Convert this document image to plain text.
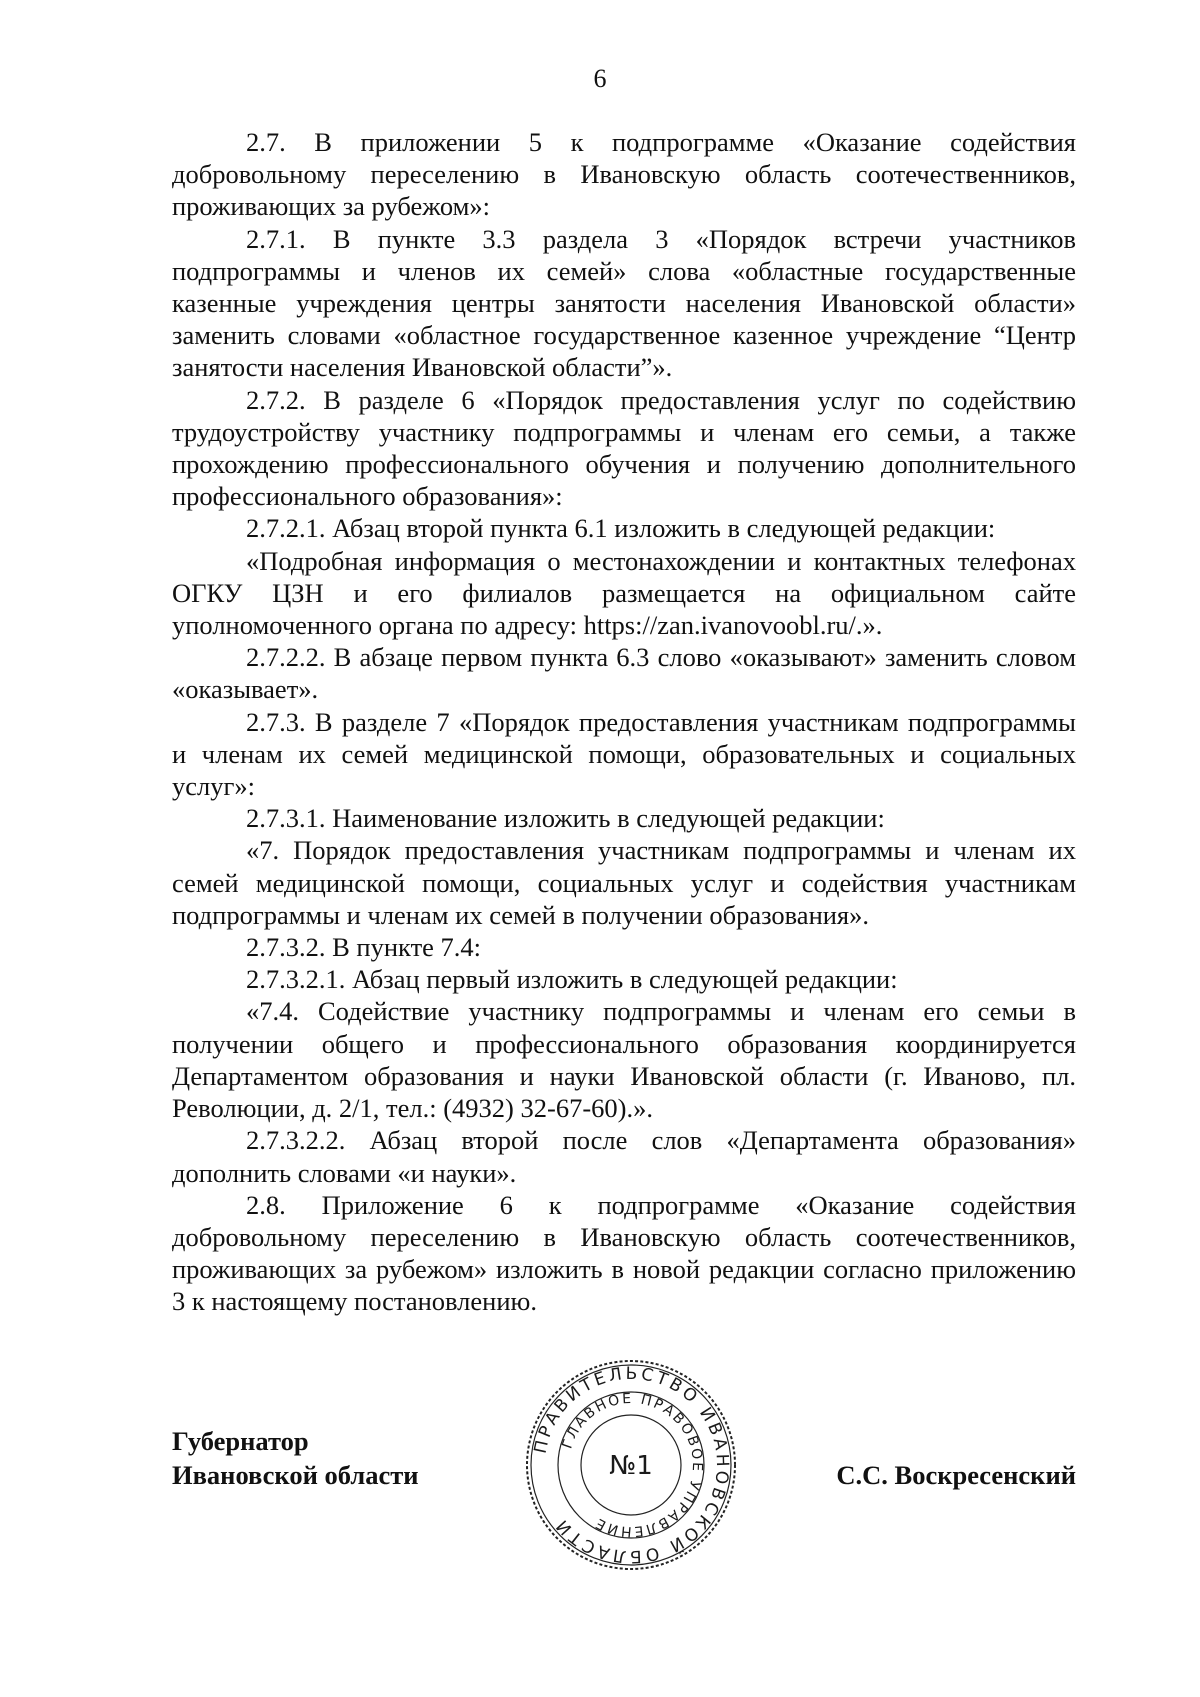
6

2.7. В приложении 5 к подпрограмме «Оказание содействия добровольному переселению в Ивановскую область соотечественников, проживающих за рубежом»:

2.7.1. В пункте 3.3 раздела 3 «Порядок встречи участников подпрограммы и членов их семей» слова «областные государственные казенные учреждения центры занятости населения Ивановской области» заменить словами «областное государственное казенное учреждение “Центр занятости населения Ивановской области”».

2.7.2. В разделе 6 «Порядок предоставления услуг по содействию трудоустройству участнику подпрограммы и членам его семьи, а также прохождению профессионального обучения и получению дополнительного профессионального образования»:

2.7.2.1. Абзац второй пункта 6.1 изложить в следующей редакции:

«Подробная информация о местонахождении и контактных телефонах ОГКУ ЦЗН и его филиалов размещается на официальном сайте уполномоченного органа по адресу: https://zan.ivanovoobl.ru/.».

2.7.2.2. В абзаце первом пункта 6.3 слово «оказывают» заменить словом «оказывает».

2.7.3. В разделе 7 «Порядок предоставления участникам подпрограммы и членам их семей медицинской помощи, образовательных и социальных услуг»:

2.7.3.1. Наименование изложить в следующей редакции:

«7. Порядок предоставления участникам подпрограммы и членам их семей медицинской помощи, социальных услуг и содействия участникам подпрограммы и членам их семей в получении образования».

2.7.3.2. В пункте 7.4:

2.7.3.2.1. Абзац первый изложить в следующей редакции:

«7.4. Содействие участнику подпрограммы и членам его семьи в получении общего и профессионального образования координируется Департаментом образования и науки Ивановской области (г. Иваново, пл. Революции, д. 2/1, тел.: (4932) 32-67-60).».

2.7.3.2.2. Абзац второй после слов «Департамента образования» дополнить словами «и науки».

2.8. Приложение 6 к подпрограмме «Оказание содействия добровольному переселению в Ивановскую область соотечественников, проживающих за рубежом» изложить в новой редакции согласно приложению 3 к настоящему постановлению.

Губернатор
Ивановской области
ПРАВИТЕЛЬСТВО ИВАНОВСКОЙ ОБЛАСТИ
ГЛАВНОЕ ПРАВОВОЕ УПРАВЛЕНИЕ
№1	С.С. Воскресенский
